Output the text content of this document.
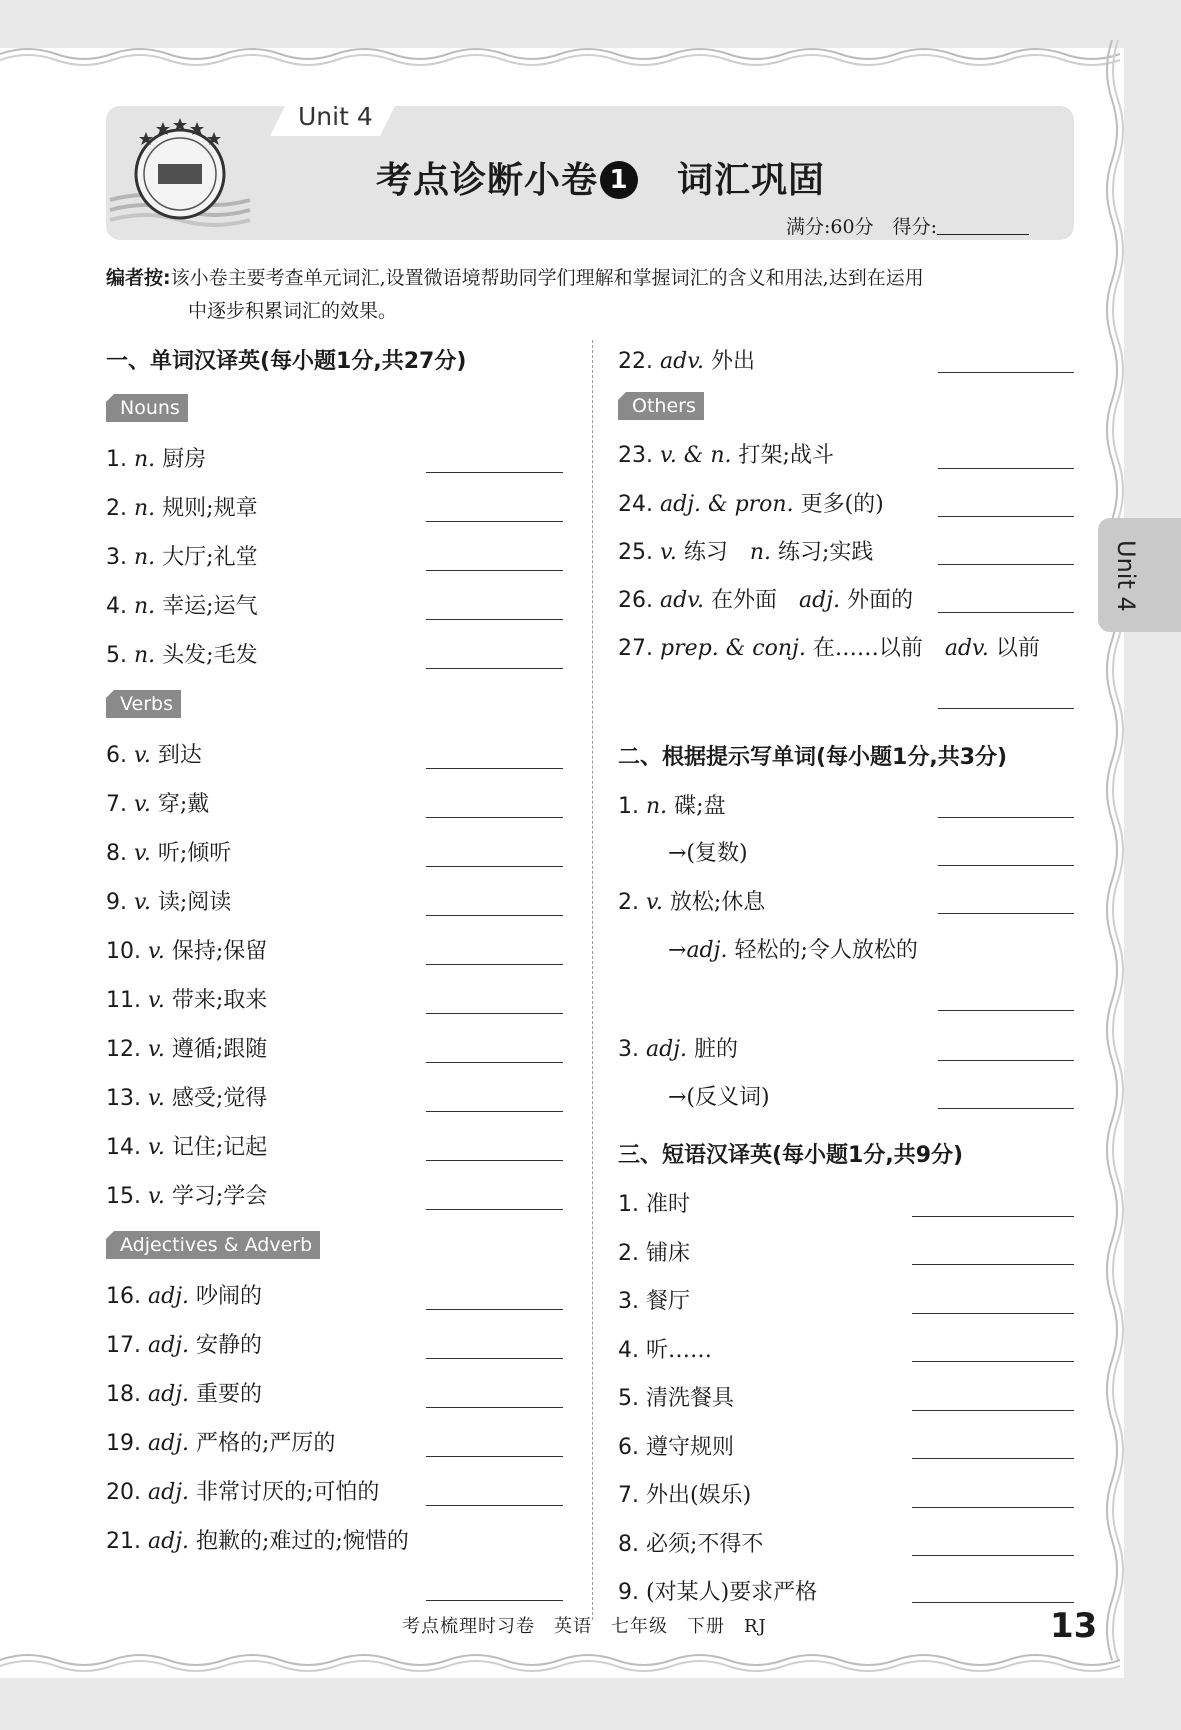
Unit 4
考点诊断小卷 1　 词汇巩固
满分:60分　 得分:
编者按:该小卷主要考查单元词汇,设置微语境帮助同学们理解和掌握词汇的含义和用法,达到在运用
中逐步积累词汇的效果。
一、单词汉译英(每小题1分,共27分)
Nouns
1. n. 厨房
2. n. 规则;规章
3. n. 大厅;礼堂
4. n. 幸运;运气
5. n. 头发;毛发
Verbs
6. v. 到达
7. v. 穿;戴
8. v. 听;倾听
9. v. 读;阅读
10. v. 保持;保留
11. v. 带来;取来
12. v. 遵循;跟随
13. v. 感受;觉得
14. v. 记住;记起
15. v. 学习;学会
Adjectives & Adverb
16. adj. 吵闹的
17. adj. 安静的
18. adj. 重要的
19. adj. 严格的;严厉的
20. adj. 非常讨厌的;可怕的
21. adj. 抱歉的;难过的;惋惜的
22. adv. 外出
Others
23. v. & n. 打架;战斗
24. adj. & pron. 更多(的)
25. v. 练习　 n. 练习;实践
26. adv. 在外面　 adj. 外面的
27. prep. & conj. 在……以前　 adv. 以前
二、根据提示写单词(每小题1分,共3分)
1. n. 碟;盘
→(复数)
2. v. 放松;休息
→adj. 轻松的;令人放松的
3. adj. 脏的
→(反义词)
三、短语汉译英(每小题1分,共9分)
1. 准时
2. 铺床
3. 餐厅
4. 听……
5. 清洗餐具
6. 遵守规则
7. 外出(娱乐)
8. 必须;不得不
9. (对某人)要求严格
Unit 4
考点梳理时习卷　英语　七年级　下册　RJ	13
